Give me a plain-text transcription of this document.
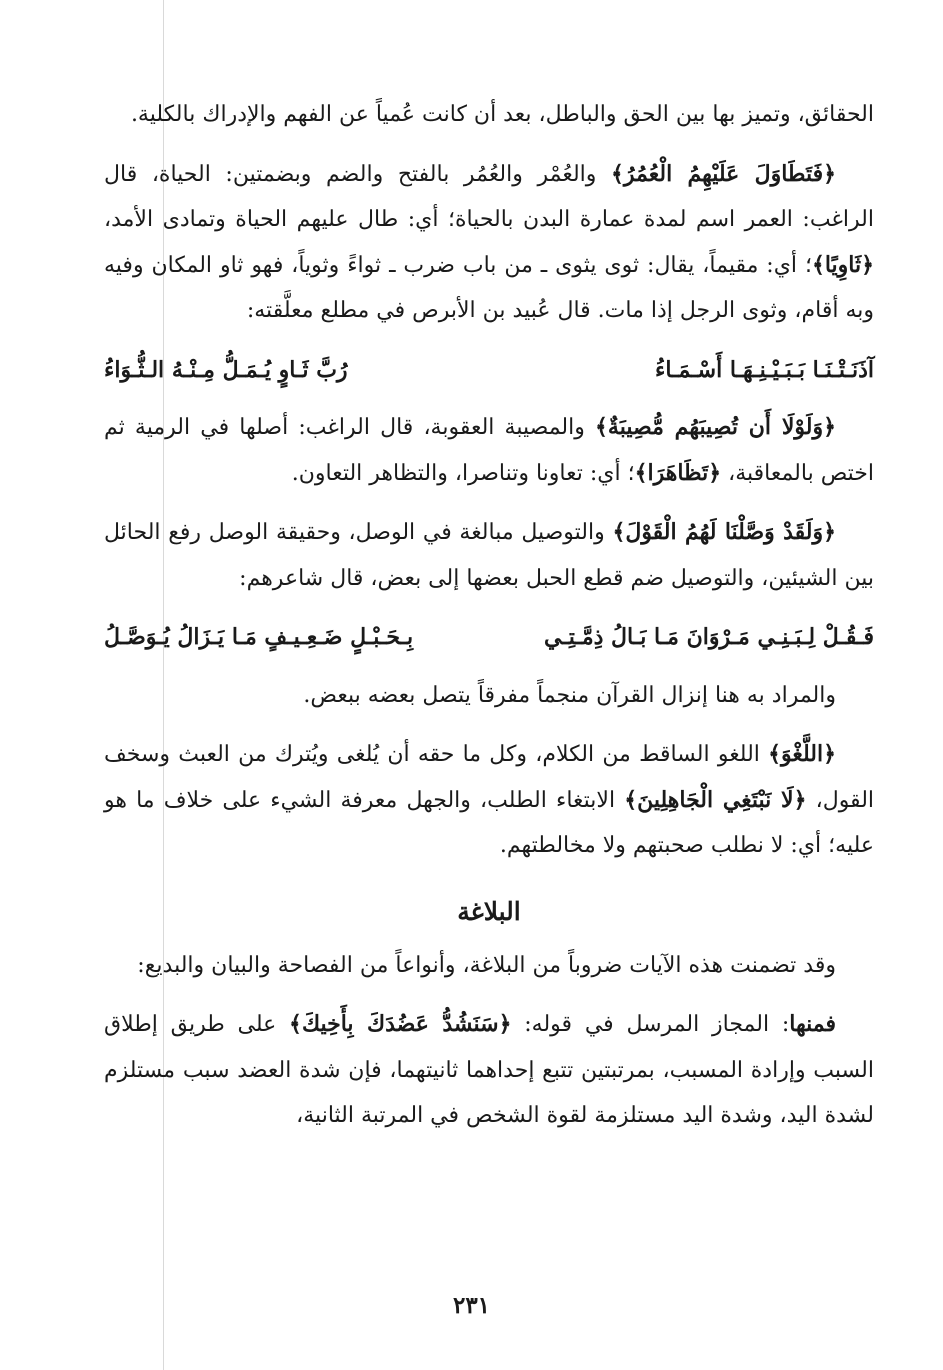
الحقائق، وتميز بها بين الحق والباطل، بعد أن كانت عُمياً عن الفهم والإدراك بالكلية.

﴿فَتَطَاوَلَ عَلَيْهِمُ الْعُمُرُ﴾ والعُمْر والعُمُر بالفتح والضم وبضمتين: الحياة، قال الراغب: العمر اسم لمدة عمارة البدن بالحياة؛ أي: طال عليهم الحياة وتمادى الأمد، ﴿ثَاوِيًا﴾؛ أي: مقيماً، يقال: ثوى يثوى ـ من باب ضرب ـ ثواءً وثوياً، فهو ثاو المكان وفيه وبه أقام، وثوى الرجل إذا مات. قال عُبيد بن الأبرص في مطلع معلَّقته:

آذَنَـتْـنَـا بَـبَـيْـنِـهَـا أَسْـمَـاءُ
رُبَّ ثَـاوٍ يُـمَـلُّ مِـنْـهُ الـثُّـوَاءُ

﴿وَلَوْلَا أَن تُصِيبَهُم مُّصِيبَةٌ﴾ والمصيبة العقوبة، قال الراغب: أصلها في الرمية ثم اختص بالمعاقبة، ﴿تَظَاهَرَا﴾؛ أي: تعاونا وتناصرا، والتظاهر التعاون.

﴿وَلَقَدْ وَصَّلْنَا لَهُمُ الْقَوْلَ﴾ والتوصيل مبالغة في الوصل، وحقيقة الوصل رفع الحائل بين الشيئين، والتوصيل ضم قطع الحبل بعضها إلى بعض، قال شاعرهم:

فَـقُـلْ لِـبَـنِـي مَـرْوَانَ مَـا بَـالُ ذِمَّـتِـي
بِـحَـبْـلٍ ضَـعِـيـفٍ مَـا يَـزَالُ يُـوَصَّـلُ

والمراد به هنا إنزال القرآن منجماً مفرقاً يتصل بعضه ببعض.

﴿اللَّغْوَ﴾ اللغو الساقط من الكلام، وكل ما حقه أن يُلغى ويُترك من العبث وسخف القول، ﴿لَا نَبْتَغِي الْجَاهِلِينَ﴾ الابتغاء الطلب، والجهل معرفة الشيء على خلاف ما هو عليه؛ أي: لا نطلب صحبتهم ولا مخالطتهم.

البلاغة

وقد تضمنت هذه الآيات ضروباً من البلاغة، وأنواعاً من الفصاحة والبيان والبديع:

فمنها: المجاز المرسل في قوله: ﴿سَنَشُدُّ عَضُدَكَ بِأَخِيكَ﴾ على طريق إطلاق السبب وإرادة المسبب، بمرتبتين تتبع إحداهما ثانيتهما، فإن شدة العضد سبب مستلزم لشدة اليد، وشدة اليد مستلزمة لقوة الشخص في المرتبة الثانية،

٢٣١
